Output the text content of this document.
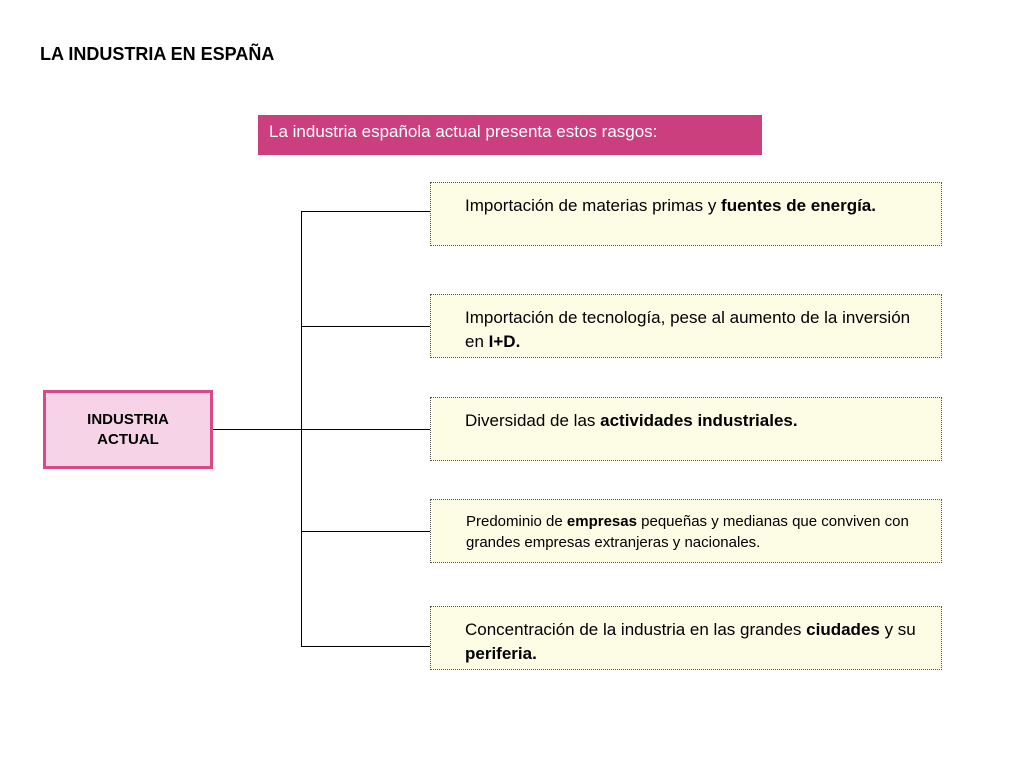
LA INDUSTRIA EN ESPAÑA
La industria española actual presenta estos rasgos:
INDUSTRIA
ACTUAL
Importación de materias primas y fuentes de energía.
Importación de tecnología, pese al aumento de la inversión en I+D.
Diversidad de las actividades industriales.
Predominio de empresas pequeñas y medianas que conviven con grandes empresas extranjeras y nacionales.
Concentración de la industria en las grandes ciudades y su periferia.
